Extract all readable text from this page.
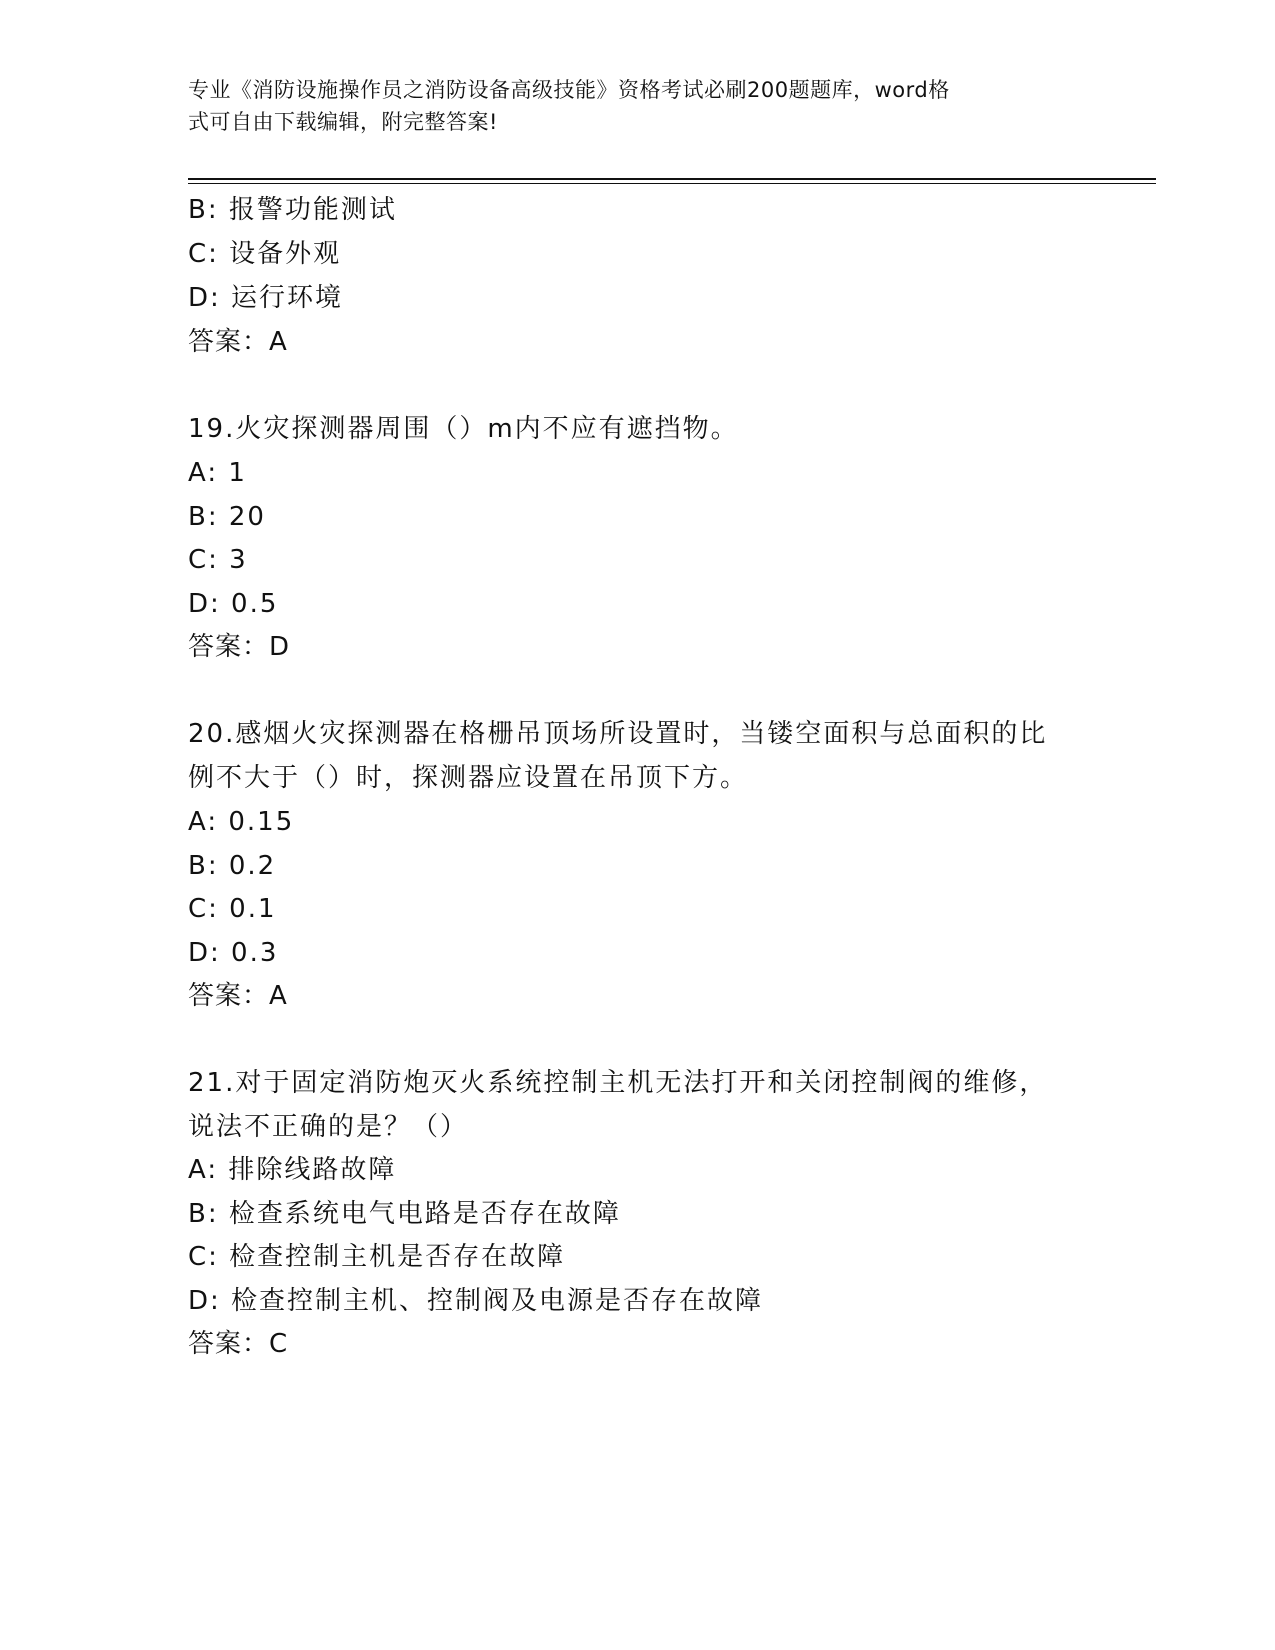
专业《消防设施操作员之消防设备高级技能》资格考试必刷200题题库，word格
式可自由下载编辑，附完整答案!
B: 报警功能测试
C: 设备外观
D: 运行环境
答案：A
19.火灾探测器周围（）m内不应有遮挡物。
A: 1
B: 20
C: 3
D: 0.5
答案：D
20.感烟火灾探测器在格栅吊顶场所设置时，当镂空面积与总面积的比
例不大于（）时，探测器应设置在吊顶下方。
A: 0.15
B: 0.2
C: 0.1
D: 0.3
答案：A
21.对于固定消防炮灭火系统控制主机无法打开和关闭控制阀的维修，
说法不正确的是？（）
A: 排除线路故障
B: 检查系统电气电路是否存在故障
C: 检查控制主机是否存在故障
D: 检查控制主机、控制阀及电源是否存在故障
答案：C
